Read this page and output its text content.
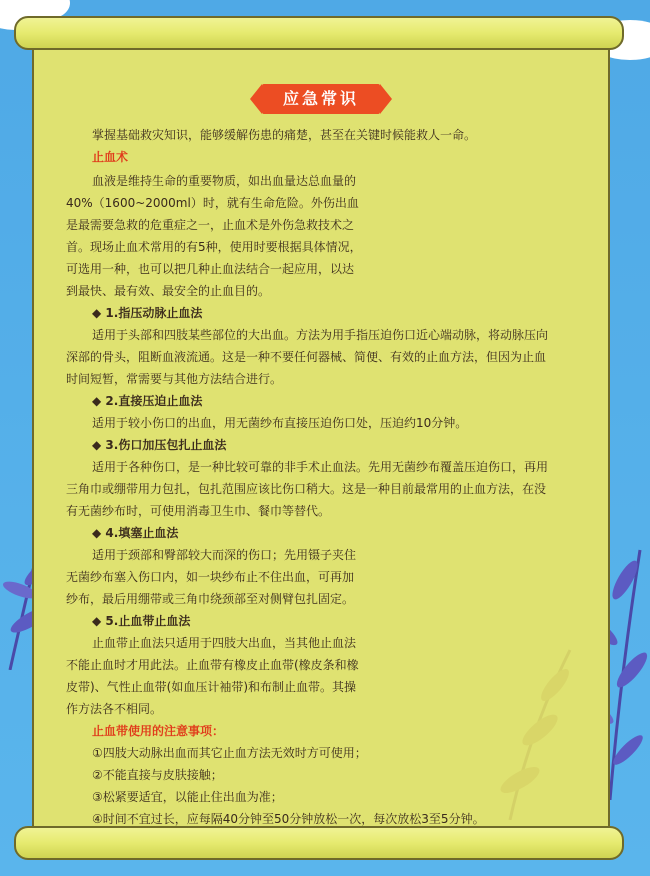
应急常识
掌握基础救灾知识，能够缓解伤患的痛楚，甚至在关键时候能救人一命。
止血术
血液是维持生命的重要物质，如出血量达总血量的
40%（1600~2000ml）时，就有生命危险。外伤出血
是最需要急救的危重症之一，止血术是外伤急救技术之
首。现场止血术常用的有5种，使用时要根据具体情况，
可选用一种，也可以把几种止血法结合一起应用，以达
到最快、最有效、最安全的止血目的。
◆ 1.指压动脉止血法
适用于头部和四肢某些部位的大出血。方法为用手指压迫伤口近心端动脉，将动脉压向
深部的骨头，阻断血液流通。这是一种不要任何器械、简便、有效的止血方法，但因为止血
时间短暂，常需要与其他方法结合进行。
◆ 2.直接压迫止血法
适用于较小伤口的出血，用无菌纱布直接压迫伤口处，压迫约10分钟。
◆ 3.伤口加压包扎止血法
适用于各种伤口，是一种比较可靠的非手术止血法。先用无菌纱布覆盖压迫伤口，再用
三角巾或绷带用力包扎，包扎范围应该比伤口稍大。这是一种目前最常用的止血方法，在没
有无菌纱布时，可使用消毒卫生巾、餐巾等替代。
◆ 4.填塞止血法
适用于颈部和臀部较大而深的伤口；先用镊子夹住
无菌纱布塞入伤口内，如一块纱布止不住出血，可再加
纱布，最后用绷带或三角巾绕颈部至对侧臂包扎固定。
◆ 5.止血带止血法
止血带止血法只适用于四肢大出血，当其他止血法
不能止血时才用此法。止血带有橡皮止血带(橡皮条和橡
皮带)、气性止血带(如血压计袖带)和布制止血带。其操
作方法各不相同。
止血带使用的注意事项：
①四肢大动脉出血而其它止血方法无效时方可使用；
②不能直接与皮肤接触；
③松紧要适宜，以能止住出血为准；
④时间不宜过长，应每隔40分钟至50分钟放松一次，每次放松3至5分钟。
